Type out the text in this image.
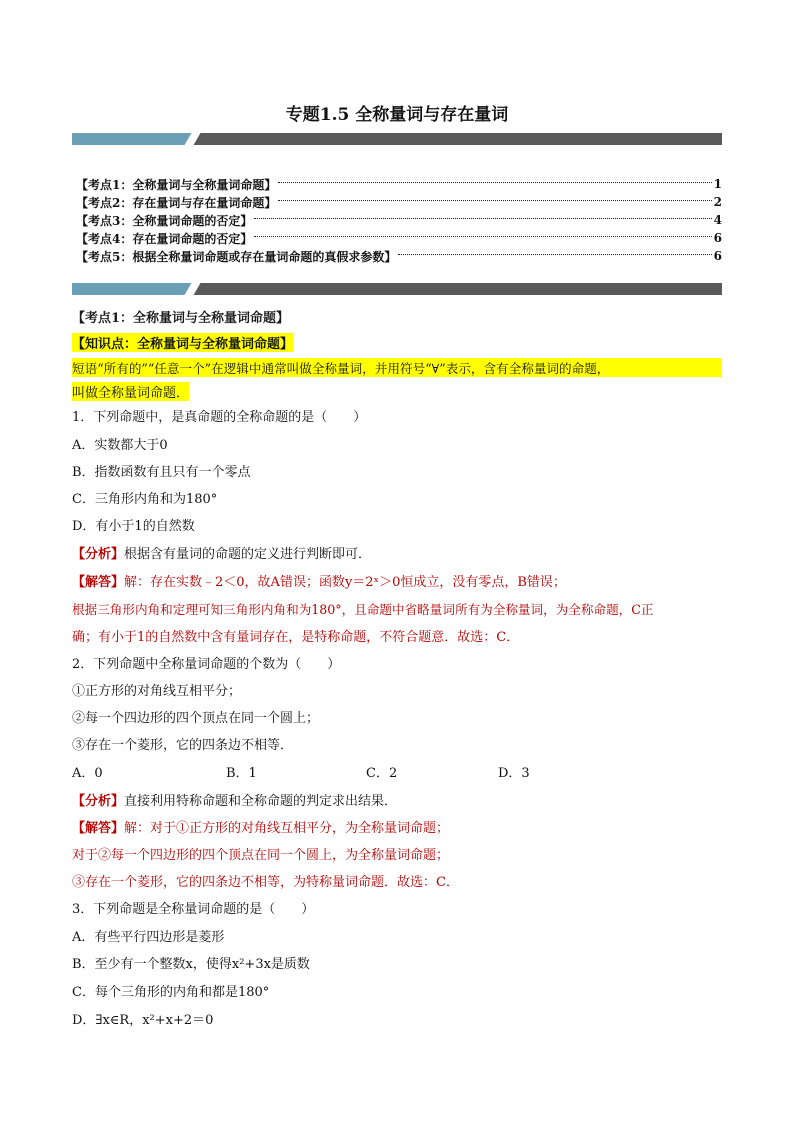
专题1.5 全称量词与存在量词
【考点1：全称量词与全称量词命题】	1
【考点2：存在量词与存在量词命题】	2
【考点3：全称量词命题的否定】	4
【考点4：存在量词命题的否定】	6
【考点5：根据全称量词命题或存在量词命题的真假求参数】	6
【考点1：全称量词与全称量词命题】
【知识点：全称量词与全称量词命题】
短语“所有的”“任意一个”在逻辑中通常叫做全称量词，并用符号“∀”表示，含有全称量词的命题，
叫做全称量词命题．
1．下列命题中，是真命题的全称命题的是（　　）
A．实数都大于0
B．指数函数有且只有一个零点
C．三角形内角和为180°
D．有小于1的自然数
【分析】根据含有量词的命题的定义进行判断即可．
【解答】解：存在实数﹣2＜0，故A错误；函数y＝2ˣ＞0恒成立，没有零点，B错误；
根据三角形内角和定理可知三角形内角和为180°，且命题中省略量词所有为全称量词，为全称命题，C正
确；有小于1的自然数中含有量词存在，是特称命题，不符合题意．故选：C．
2．下列命题中全称量词命题的个数为（　　）
①正方形的对角线互相平分；
②每一个四边形的四个顶点在同一个圆上；
③存在一个菱形，它的四条边不相等．
A．0	B．1	C．2	D．3
【分析】直接利用特称命题和全称命题的判定求出结果．
【解答】解：对于①正方形的对角线互相平分，为全称量词命题；
对于②每一个四边形的四个顶点在同一个圆上，为全称量词命题；
③存在一个菱形，它的四条边不相等，为特称量词命题．故选：C．
3．下列命题是全称量词命题的是（　　）
A．有些平行四边形是菱形
B．至少有一个整数x，使得x²+3x是质数
C．每个三角形的内角和都是180°
D．∃x∈R，x²+x+2＝0
